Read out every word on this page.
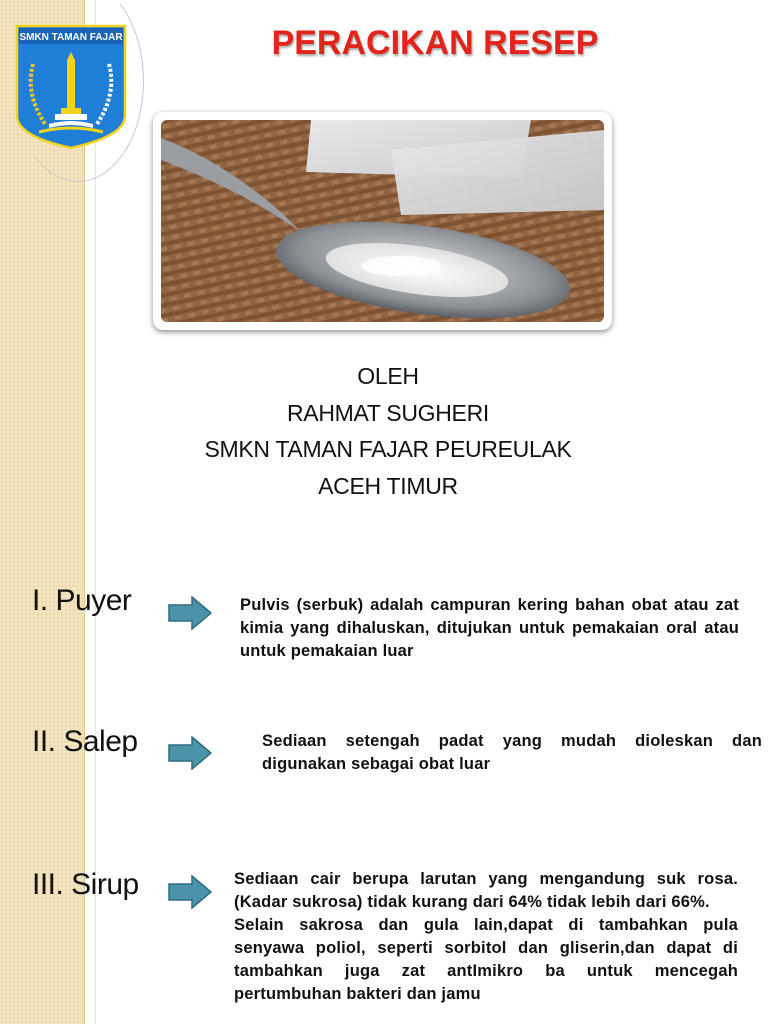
SMKN TAMAN FAJAR	PERACIKAN RESEP
OLEH
RAHMAT SUGHERI
SMKN TAMAN FAJAR PEUREULAK
ACEH TIMUR
I. Puyer	Pulvis (serbuk) adalah campuran kering bahan obat atau zat kimia yang dihaluskan, ditujukan untuk pemakaian oral atau untuk pemakaian luar
II. Salep	Sediaan setengah padat yang mudah dioleskan dan digunakan sebagai obat luar
III. Sirup	Sediaan cair berupa larutan yang mengandung suk rosa.(Kadar sukrosa) tidak kurang dari 64% tidak lebih dari 66%.
Selain sakrosa dan gula lain,dapat di tambahkan pula senyawa poliol, seperti sorbitol dan gliserin,dan dapat di tambahkan juga zat antImikro ba untuk mencegah pertumbuhan bakteri dan jamu
